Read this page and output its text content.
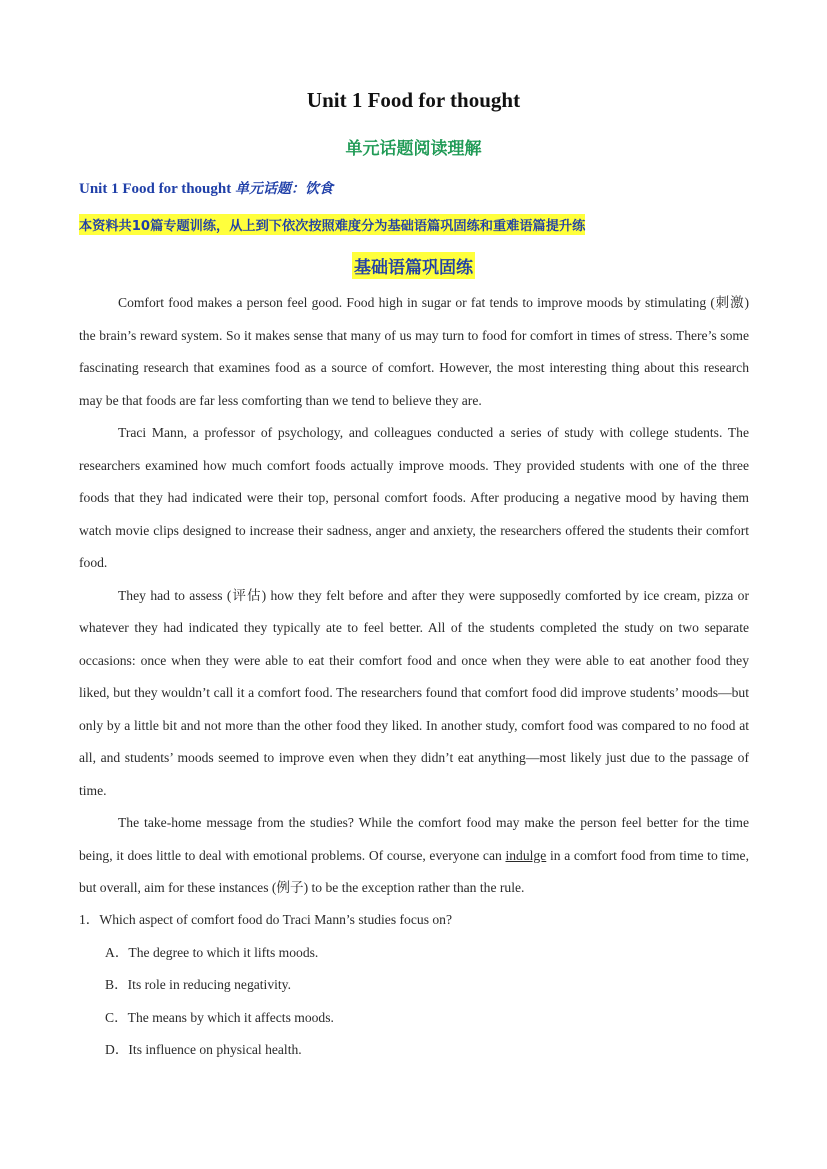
Unit 1 Food for thought
单元话题阅读理解
Unit 1 Food for thought 单元话题：饮食
本资料共10篇专题训练，从上到下依次按照难度分为基础语篇巩固练和重难语篇提升练
基础语篇巩固练

Comfort food makes a person feel good. Food high in sugar or fat tends to improve moods by stimulating (刺激) the brain’s reward system. So it makes sense that many of us may turn to food for comfort in times of stress. There’s some fascinating research that examines food as a source of comfort. However, the most interesting thing about this research may be that foods are far less comforting than we tend to believe they are.

Traci Mann, a professor of psychology, and colleagues conducted a series of study with college students. The researchers examined how much comfort foods actually improve moods. They provided students with one of the three foods that they had indicated were their top, personal comfort foods. After producing a negative mood by having them watch movie clips designed to increase their sadness, anger and anxiety, the researchers offered the students their comfort food.

They had to assess (评估) how they felt before and after they were supposedly comforted by ice cream, pizza or whatever they had indicated they typically ate to feel better. All of the students completed the study on two separate occasions: once when they were able to eat their comfort food and once when they were able to eat another food they liked, but they wouldn’t call it a comfort food. The researchers found that comfort food did improve students’ moods—but only by a little bit and not more than the other food they liked. In another study, comfort food was compared to no food at all, and students’ moods seemed to improve even when they didn’t eat anything—most likely just due to the passage of time.

The take-home message from the studies? While the comfort food may make the person feel better for the time being, it does little to deal with emotional problems. Of course, everyone can indulge in a comfort food from time to time, but overall, aim for these instances (例子) to be the exception rather than the rule.

1．Which aspect of comfort food do Traci Mann’s studies focus on?

A．The degree to which it lifts moods.

B．Its role in reducing negativity.

C．The means by which it affects moods.

D．Its influence on physical health.
